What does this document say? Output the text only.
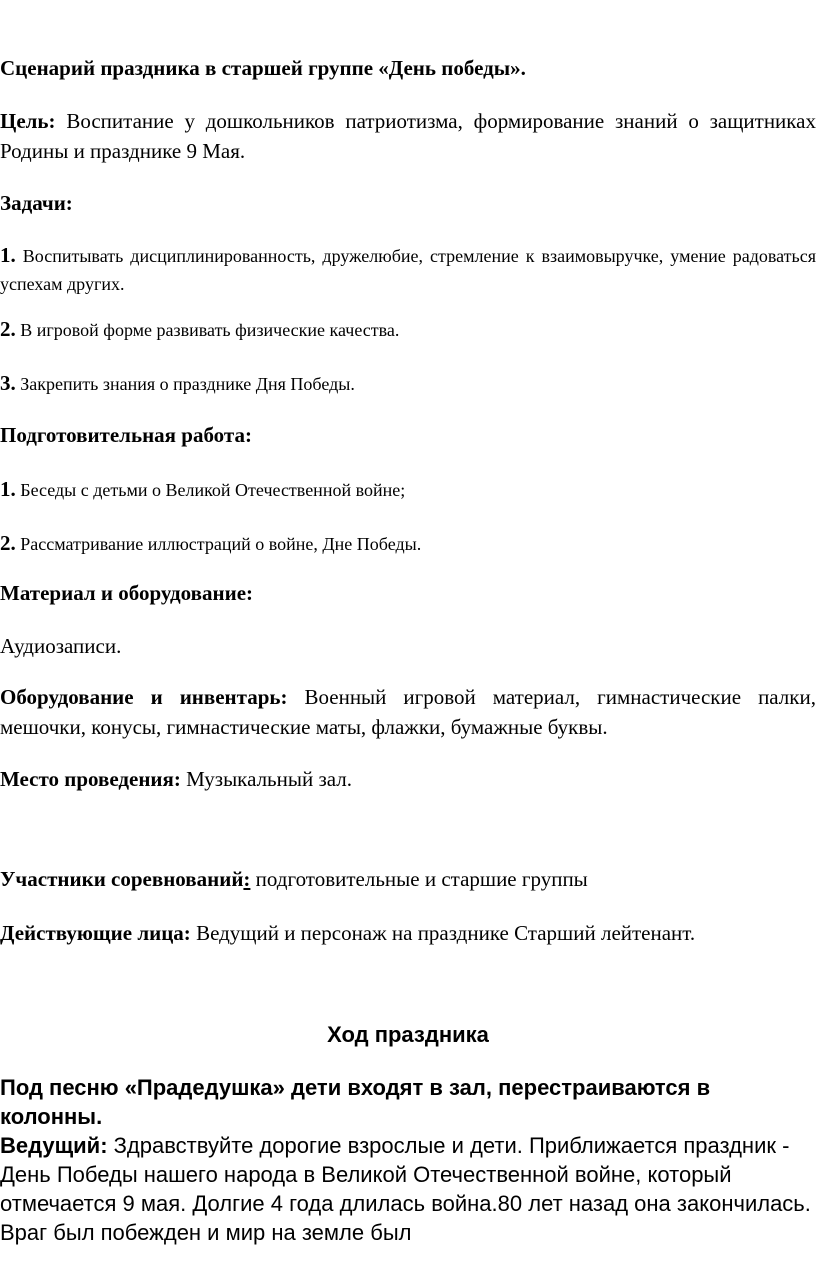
Сценарий праздника в старшей группе «День победы».

Цель: Воспитание у дошкольников патриотизма, формирование знаний о защитниках Родины и празднике 9 Мая.

Задачи:

1. Воспитывать дисциплинированность, дружелюбие, стремление к взаимовыручке, умение радоваться успехам других.

2. В игровой форме развивать физические качества.

3. Закрепить знания о празднике Дня Победы.

Подготовительная работа:

1. Беседы с детьми о Великой Отечественной войне;

2. Рассматривание иллюстраций о войне, Дне Победы.

Материал и оборудование:

Аудиозаписи.

Оборудование и инвентарь: Военный игровой материал, гимнастические палки, мешочки, конусы, гимнастические маты, флажки, бумажные буквы.

Место проведения: Музыкальный зал.

Участники соревнований: подготовительные и старшие группы

Действующие лица: Ведущий и персонаж на празднике Старший лейтенант.

Ход праздника

Под песню «Прадедушка» дети входят в зал, перестраиваются в колонны.

Ведущий: Здравствуйте дорогие взрослые и дети. Приближается праздник - День Победы нашего народа в Великой Отечественной войне, который отмечается 9 мая. Долгие 4 года длилась война.80 лет назад она закончилась. Враг был побежден и мир на земле был
